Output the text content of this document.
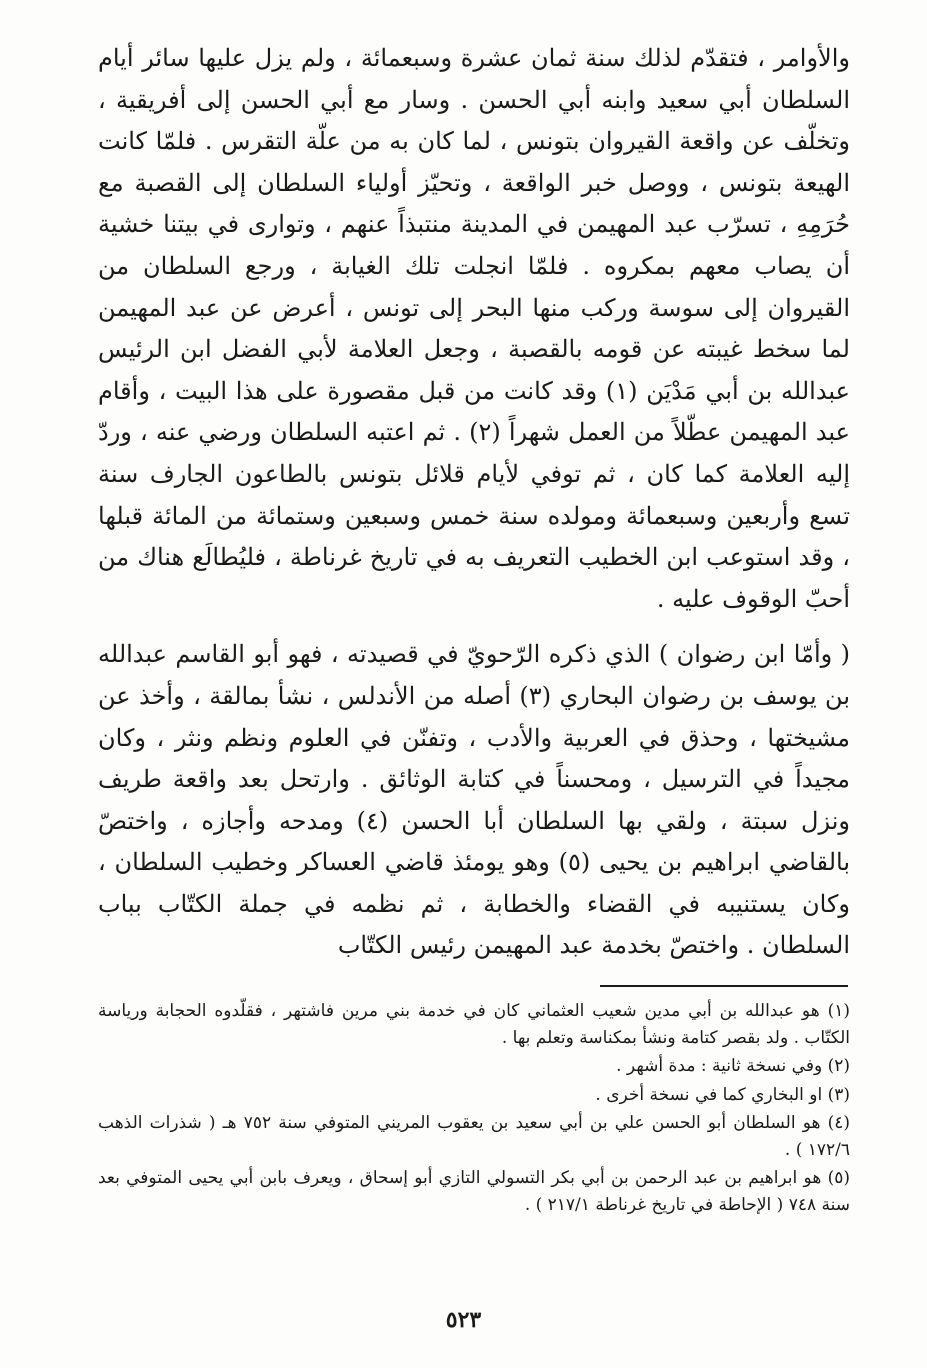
والأوامر ، فتقدّم لذلك سنة ثمان عشرة وسبعمائة ، ولم يزل عليها سائر أيام السلطان أبي سعيد وابنه أبي الحسن . وسار مع أبي الحسن إلى أفريقية ، وتخلّف عن واقعة القيروان بتونس ، لما كان به من علّة التقرس . فلمّا كانت الهيعة بتونس ، ووصل خبر الواقعة ، وتحيّز أولياء السلطان إلى القصبة مع حُرَمِهِ ، تسرّب عبد المهيمن في المدينة منتبذاً عنهم ، وتوارى في بيتنا خشية أن يصاب معهم بمكروه . فلمّا انجلت تلك الغيابة ، ورجع السلطان من القيروان إلى سوسة وركب منها البحر إلى تونس ، أعرض عن عبد المهيمن لما سخط غيبته عن قومه بالقصبة ، وجعل العلامة لأبي الفضل ابن الرئيس عبدالله بن أبي مَدْيَن (١) وقد كانت من قبل مقصورة على هذا البيت ، وأقام عبد المهيمن عطّلاً من العمل شهراً (٢) . ثم اعتبه السلطان ورضي عنه ، وردّ إليه العلامة كما كان ، ثم توفي لأيام قلائل بتونس بالطاعون الجارف سنة تسع وأربعين وسبعمائة ومولده سنة خمس وسبعين وستمائة من المائة قبلها ، وقد استوعب ابن الخطيب التعريف به في تاريخ غرناطة ، فليُطالَع هناك من أحبّ الوقوف عليه .

( وأمّا ابن رضوان ) الذي ذكره الرّحويّ في قصيدته ، فهو أبو القاسم عبدالله بن يوسف بن رضوان البحاري (٣) أصله من الأندلس ، نشأ بمالقة ، وأخذ عن مشيختها ، وحذق في العربية والأدب ، وتفنّن في العلوم ونظم ونثر ، وكان مجيداً في الترسيل ، ومحسناً في كتابة الوثائق . وارتحل بعد واقعة طريف ونزل سبتة ، ولقي بها السلطان أبا الحسن (٤) ومدحه وأجازه ، واختصّ بالقاضي ابراهيم بن يحيى (٥) وهو يومئذ قاضي العساكر وخطيب السلطان ، وكان يستنيبه في القضاء والخطابة ، ثم نظمه في جملة الكتّاب بباب السلطان . واختصّ بخدمة عبد المهيمن رئيس الكتّاب

(١) هو عبدالله بن أبي مدين شعيب العثماني كان في خدمة بني مرين فاشتهر ، فقلّدوه الحجابة ورياسة الكتّاب . ولد بقصر كتامة ونشأ بمكناسة وتعلم بها .

(٢) وفي نسخة ثانية : مدة أشهر .

(٣) او البخاري كما في نسخة أخرى .

(٤) هو السلطان أبو الحسن علي بن أبي سعيد بن يعقوب المريني المتوفي سنة ٧٥٢ هـ ( شذرات الذهب ١٧٢/٦ ) .

(٥) هو ابراهيم بن عبد الرحمن بن أبي بكر التسولي التازي أبو إسحاق ، ويعرف بابن أبي يحيى المتوفي بعد سنة ٧٤٨ ( الإحاطة في تاريخ غرناطة ٢١٧/١ ) .

٥٢٣
